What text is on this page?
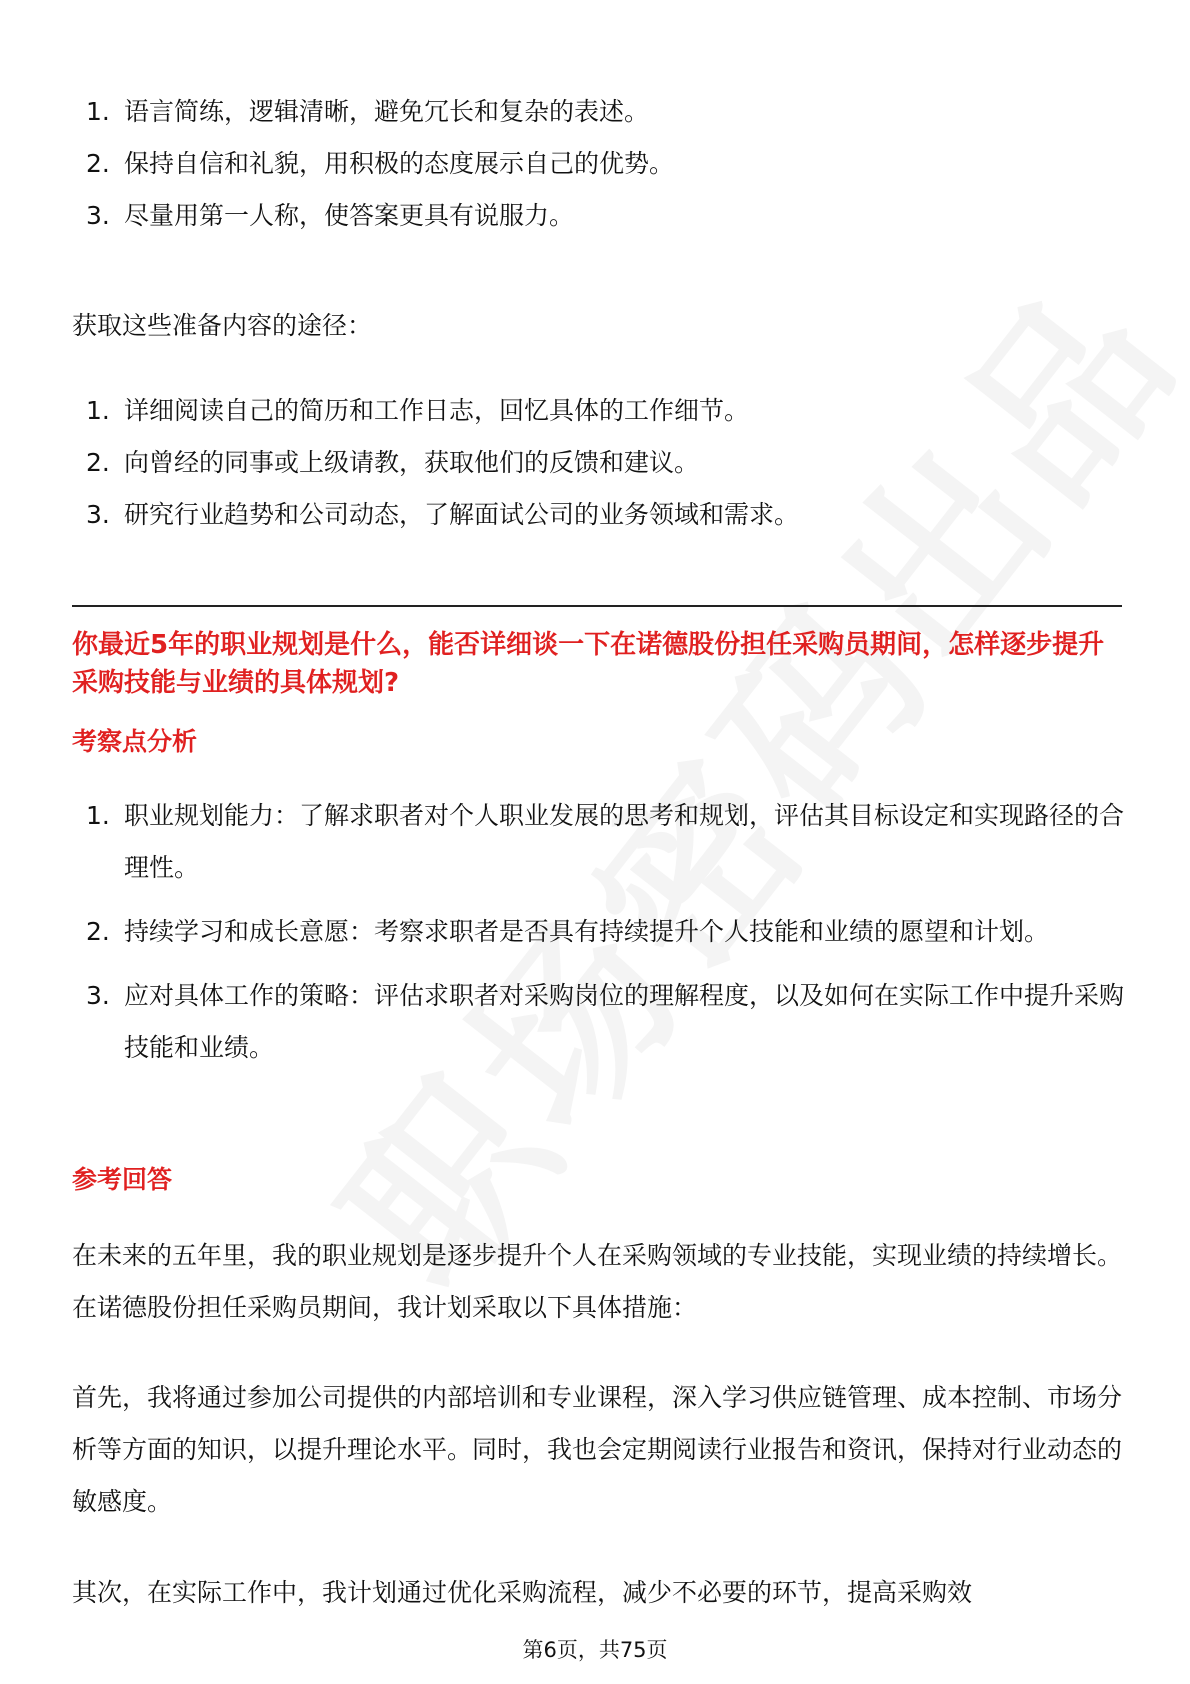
1. 语言简练，逻辑清晰，避免冗长和复杂的表述。
2. 保持自信和礼貌，用积极的态度展示自己的优势。
3. 尽量用第一人称，使答案更具有说服力。

获取这些准备内容的途径：

1. 详细阅读自己的简历和工作日志，回忆具体的工作细节。
2. 向曾经的同事或上级请教，获取他们的反馈和建议。
3. 研究行业趋势和公司动态，了解面试公司的业务领域和需求。

你最近5年的职业规划是什么，能否详细谈一下在诺德股份担任采购员期间，怎样逐步提升采购技能与业绩的具体规划?

考察点分析

1. 职业规划能力：了解求职者对个人职业发展的思考和规划，评估其目标设定和实现路径的合理性。
2. 持续学习和成长意愿：考察求职者是否具有持续提升个人技能和业绩的愿望和计划。
3. 应对具体工作的策略：评估求职者对采购岗位的理解程度，以及如何在实际工作中提升采购技能和业绩。

参考回答

在未来的五年里，我的职业规划是逐步提升个人在采购领域的专业技能，实现业绩的持续增长。在诺德股份担任采购员期间，我计划采取以下具体措施：

首先，我将通过参加公司提供的内部培训和专业课程，深入学习供应链管理、成本控制、市场分析等方面的知识，以提升理论水平。同时，我也会定期阅读行业报告和资讯，保持对行业动态的敏感度。

其次，在实际工作中，我计划通过优化采购流程，减少不必要的环节，提高采购效

第6页，共75页
